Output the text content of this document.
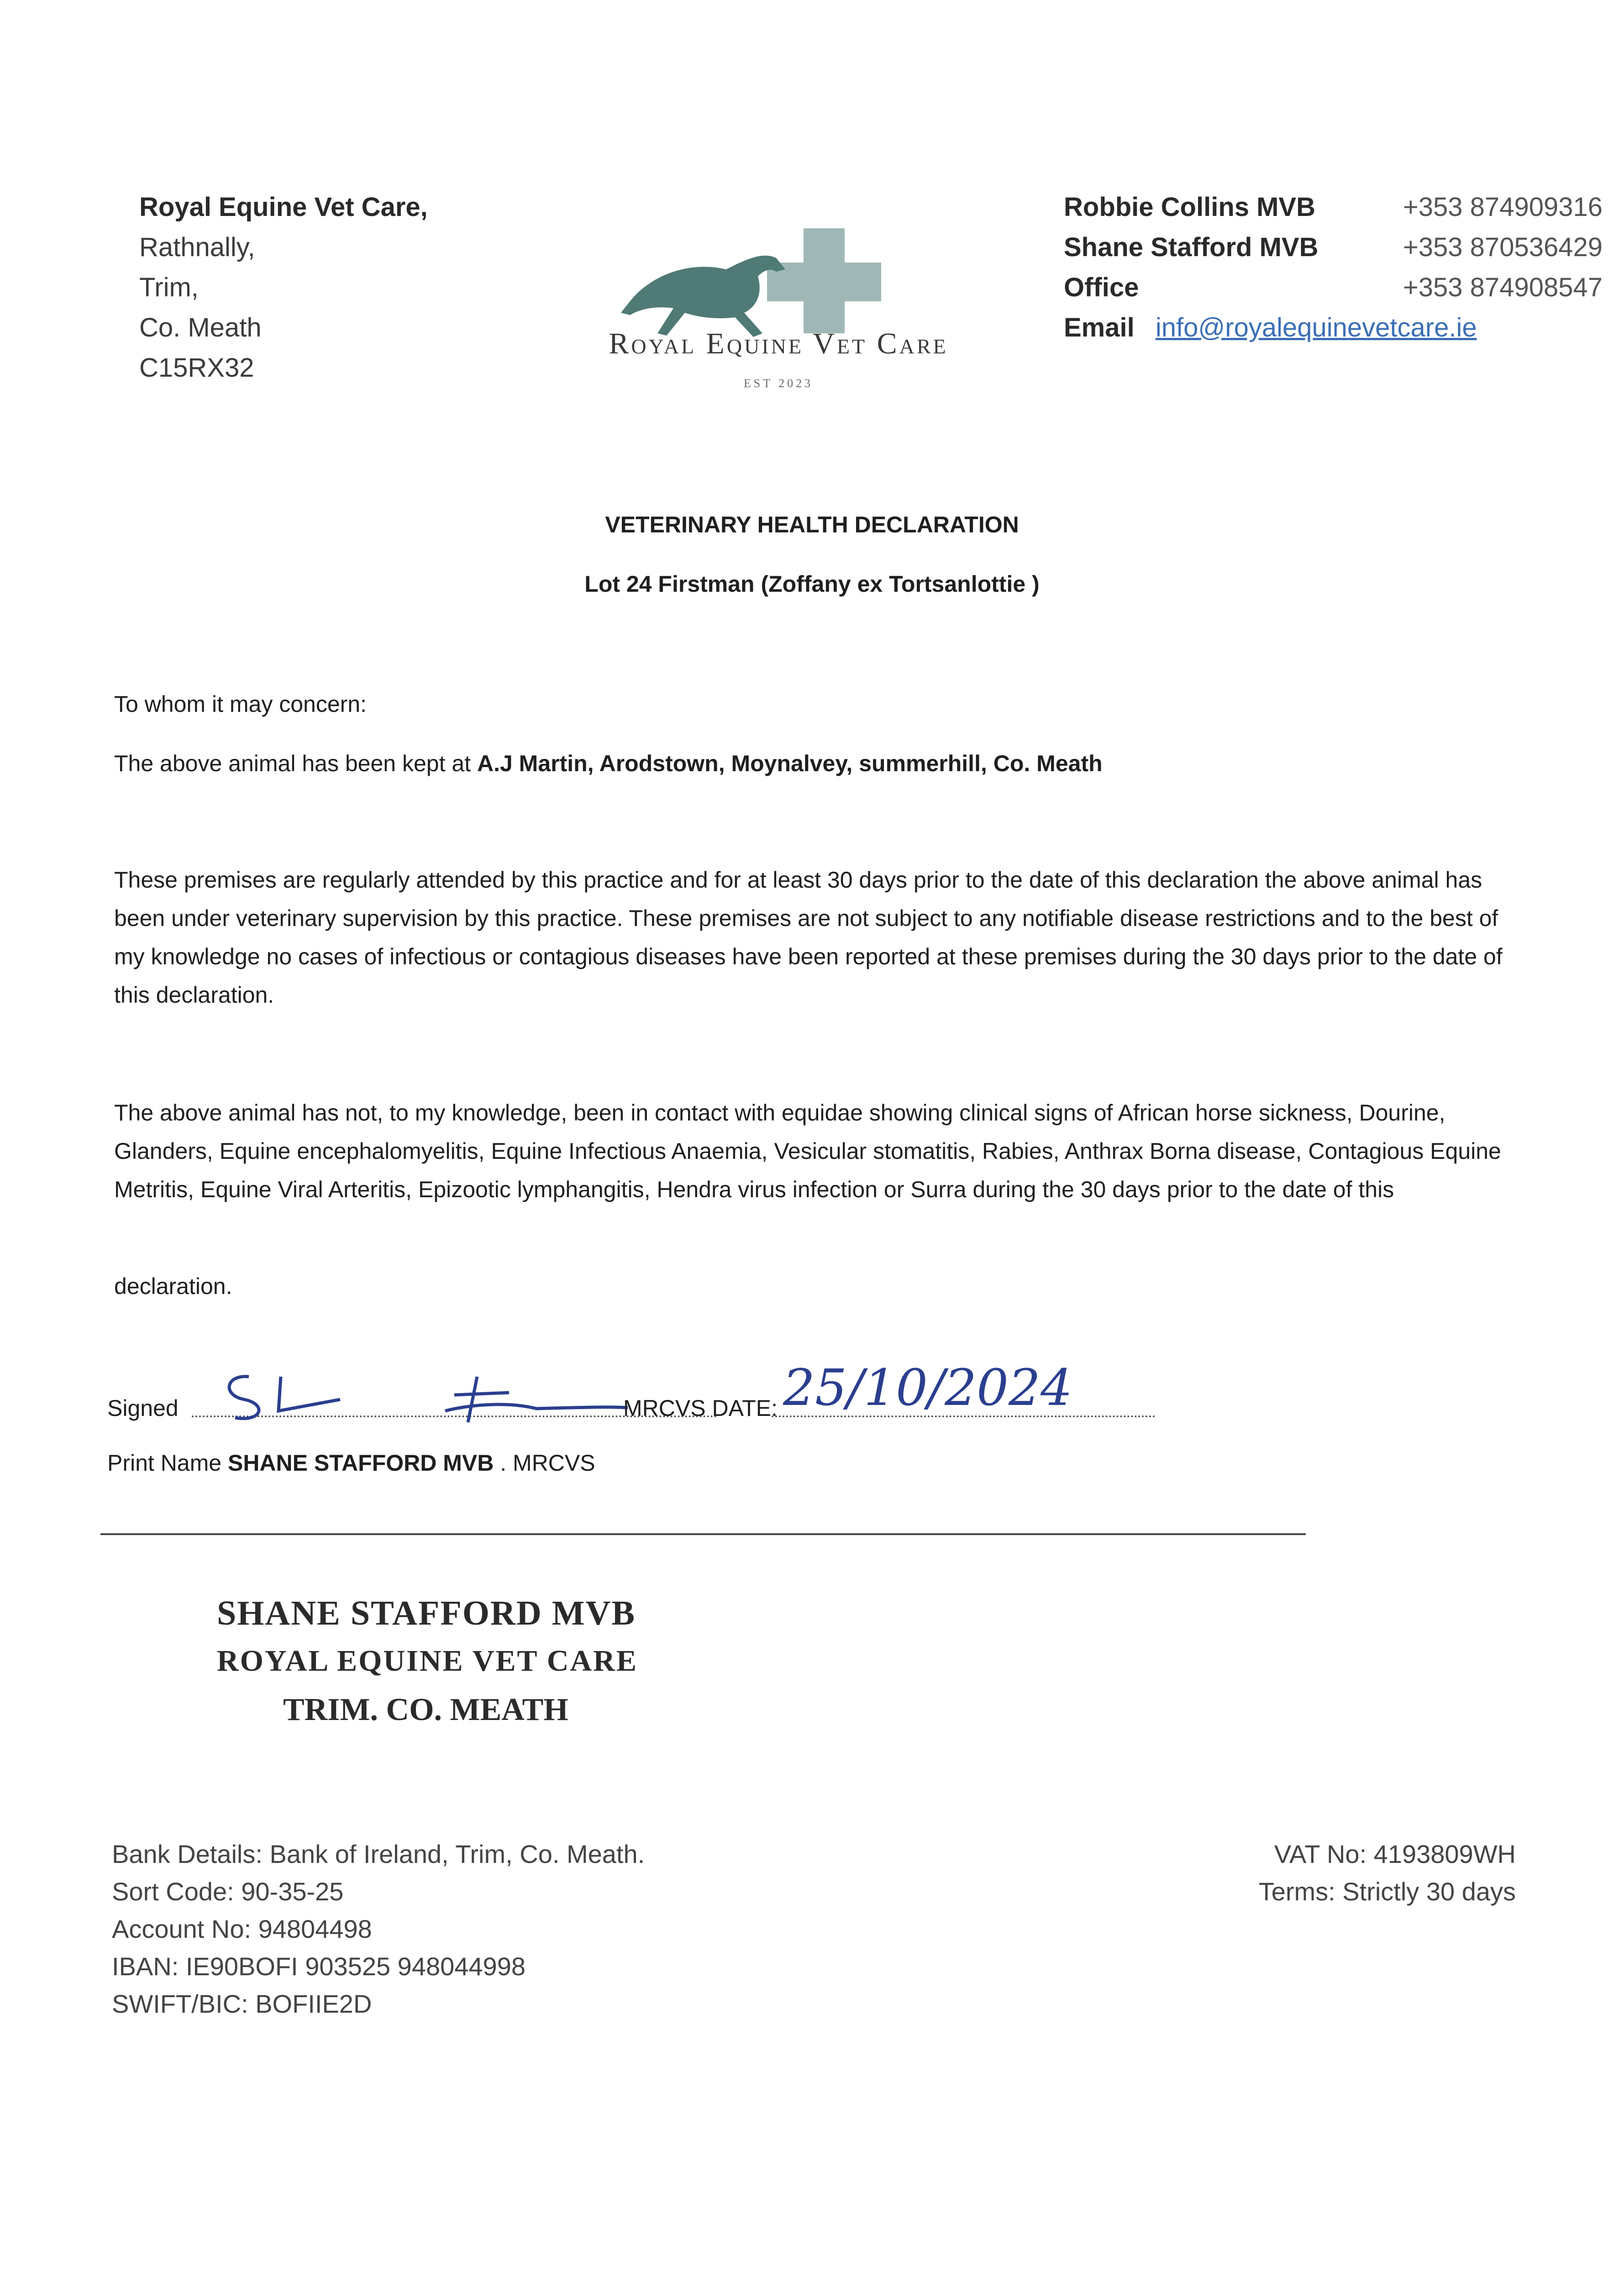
Royal Equine Vet Care,
Rathnally,
Trim,
Co. Meath
C15RX32
Royal Equine Vet Care
EST 2023
Robbie Collins MVB	+353 874909316
Shane Stafford MVB	+353 870536429
Office	+353 874908547
Email info@royalequinevetcare.ie
VETERINARY HEALTH DECLARATION
Lot 24 Firstman (Zoffany ex Tortsanlottie )
To whom it may concern:
The above animal has been kept at A.J Martin, Arodstown, Moynalvey, summerhill, Co. Meath
These premises are regularly attended by this practice and for at least 30 days prior to the date of this declaration the above animal has been under veterinary supervision by this practice. These premises are not subject to any notifiable disease restrictions and to the best of my knowledge no cases of infectious or contagious diseases have been reported at these premises during the 30 days prior to the date of this declaration.
The above animal has not, to my knowledge, been in contact with equidae showing clinical signs of African horse sickness, Dourine, Glanders, Equine encephalomyelitis, Equine Infectious Anaemia, Vesicular stomatitis, Rabies, Anthrax Borna disease, Contagious Equine Metritis, Equine Viral Arteritis, Epizootic lymphangitis, Hendra virus infection or Surra during the 30 days prior to the date of this
declaration.
Signed	MRCVS DATE: 25/10/2024
Print Name SHANE STAFFORD MVB . MRCVS
SHANE STAFFORD MVB
ROYAL EQUINE VET CARE
TRIM. CO. MEATH
Bank Details: Bank of Ireland, Trim, Co. Meath.
Sort Code: 90-35-25
Account No: 94804498
IBAN: IE90BOFI 903525 948044998
SWIFT/BIC: BOFIIE2D
VAT No: 4193809WH
Terms: Strictly 30 days
